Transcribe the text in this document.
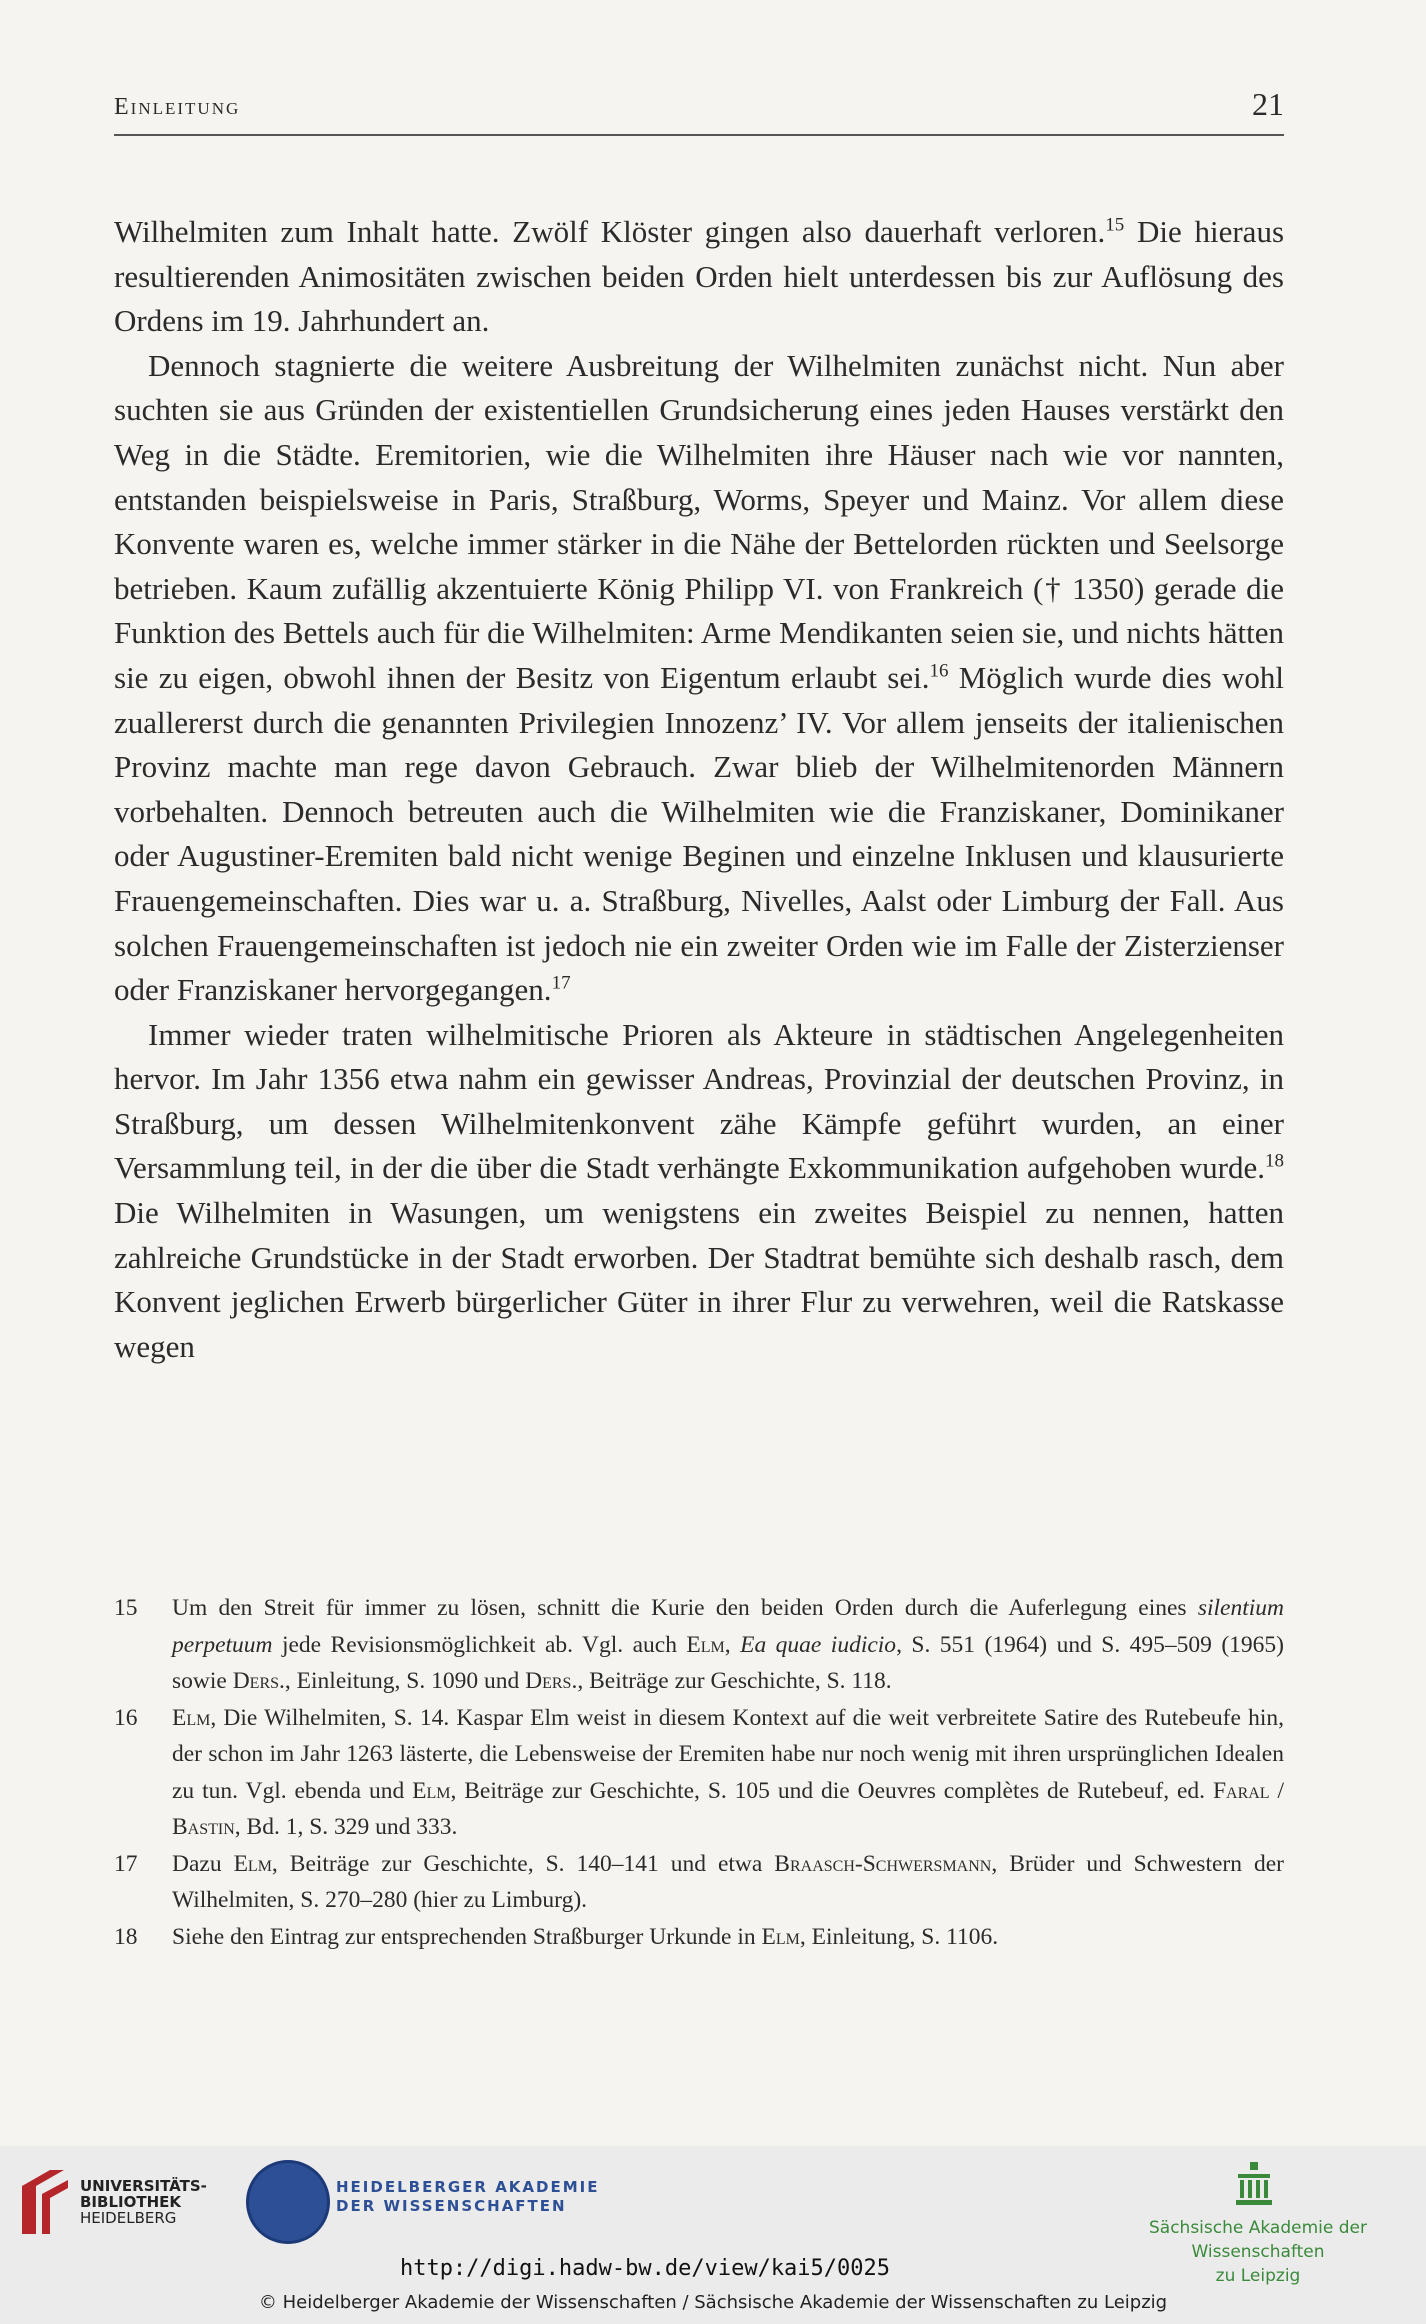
Einleitung	21

Wilhelmiten zum Inhalt hatte. Zwölf Klöster gingen also dauerhaft verloren.$^{15}$ Die hieraus resultierenden Animositäten zwischen beiden Orden hielt unterdessen bis zur Auflösung des Ordens im 19. Jahrhundert an.

Dennoch stagnierte die weitere Ausbreitung der Wilhelmiten zunächst nicht. Nun aber suchten sie aus Gründen der existentiellen Grundsicherung eines jeden Hauses verstärkt den Weg in die Städte. Eremitorien, wie die Wilhelmiten ihre Häuser nach wie vor nannten, entstanden beispielsweise in Paris, Straßburg, Worms, Speyer und Mainz. Vor allem diese Konvente waren es, welche immer stärker in die Nähe der Bettelorden rückten und Seelsorge betrieben. Kaum zufällig akzentuierte König Philipp VI. von Frankreich († 1350) gerade die Funktion des Bettels auch für die Wilhelmiten: Arme Mendikanten seien sie, und nichts hätten sie zu eigen, obwohl ihnen der Besitz von Eigentum erlaubt sei.$^{16}$ Möglich wurde dies wohl zuallererst durch die genannten Privilegien Innozenz’ IV. Vor allem jenseits der italienischen Provinz machte man rege davon Gebrauch. Zwar blieb der Wilhelmitenorden Männern vorbehalten. Dennoch betreuten auch die Wilhelmiten wie die Franziskaner, Dominikaner oder Augustiner-Eremiten bald nicht wenige Beginen und einzelne Inklusen und klausurierte Frauengemeinschaften. Dies war u. a. Straßburg, Nivelles, Aalst oder Limburg der Fall. Aus solchen Frauengemeinschaften ist jedoch nie ein zweiter Orden wie im Falle der Zisterzienser oder Franziskaner hervorgegangen.$^{17}$

Immer wieder traten wilhelmitische Prioren als Akteure in städtischen Angelegenheiten hervor. Im Jahr 1356 etwa nahm ein gewisser Andreas, Provinzial der deutschen Provinz, in Straßburg, um dessen Wilhelmitenkonvent zähe Kämpfe geführt wurden, an einer Versammlung teil, in der die über die Stadt verhängte Exkommunikation aufgehoben wurde.$^{18}$ Die Wilhelmiten in Wasungen, um wenigstens ein zweites Beispiel zu nennen, hatten zahlreiche Grundstücke in der Stadt erworben. Der Stadtrat bemühte sich deshalb rasch, dem Konvent jeglichen Erwerb bürgerlicher Güter in ihrer Flur zu verwehren, weil die Ratskasse wegen

15	Um den Streit für immer zu lösen, schnitt die Kurie den beiden Orden durch die Auferlegung eines silentium perpetuum jede Revisionsmöglichkeit ab. Vgl. auch Elm, Ea quae iudicio, S. 551 (1964) und S. 495–509 (1965) sowie Ders., Einleitung, S. 1090 und Ders., Beiträge zur Geschichte, S. 118.
16	Elm, Die Wilhelmiten, S. 14. Kaspar Elm weist in diesem Kontext auf die weit verbreitete Satire des Rutebeufe hin, der schon im Jahr 1263 lästerte, die Lebensweise der Eremiten habe nur noch wenig mit ihren ursprünglichen Idealen zu tun. Vgl. ebenda und Elm, Beiträge zur Geschichte, S. 105 und die Oeuvres complètes de Rutebeuf, ed. Faral / Bastin, Bd. 1, S. 329 und 333.
17	Dazu Elm, Beiträge zur Geschichte, S. 140–141 und etwa Braasch-Schwersmann, Brüder und Schwestern der Wilhelmiten, S. 270–280 (hier zu Limburg).
18	Siehe den Eintrag zur entsprechenden Straßburger Urkunde in Elm, Einleitung, S. 1106.
UNIVERSITÄTS-
BIBLIOTHEK
HEIDELBERG
HEIDELBERGER AKADEMIE
DER WISSENSCHAFTEN
Sächsische Akademie der Wissenschaften
zu Leipzig
http://digi.hadw-bw.de/view/kai5/0025
© Heidelberger Akademie der Wissenschaften / Sächsische Akademie der Wissenschaften zu Leipzig
